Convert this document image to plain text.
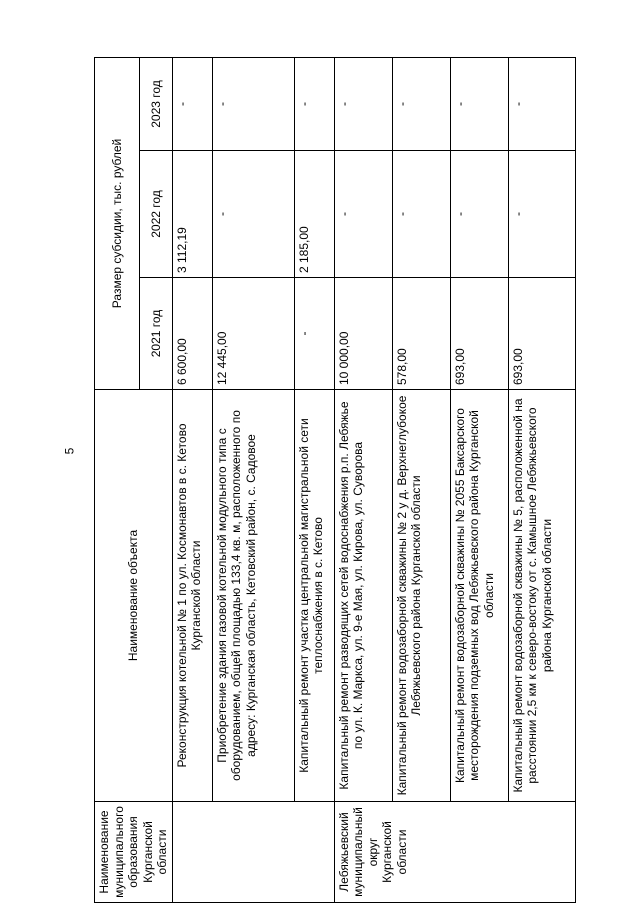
5
Наименование муниципального образования Курганской области	Наименование объекта	Размер субсидии, тыс. рублей		
		2021 год	2022 год	2023 год
	Реконструкция котельной № 1 по ул. Космонавтов в с. Кетово Курганской области	6 600,00	3 112,19	-
	Приобретение здания газовой котельной модульного типа с оборудованием, общей площадью 133,4 кв. м, расположенного по адресу: Курганская область, Кетовский район, с. Садовое	12 445,00	-	-
	Капитальный ремонт участка центральной магистральной сети теплоснабжения в с. Кетово	-	2 185,00	-
Лебяжьевский муниципальный округ Курганской области	Капитальный ремонт разводящих сетей водоснабжения р.п. Лебяжье по ул. К. Маркса, ул. 9-е Мая, ул. Кирова, ул. Суворова	10 000,00	-	-
	Капитальный ремонт водозаборной скважины № 2 у д. Верхнеглубокое Лебяжьевского района Курганской области	578,00	-	-
	Капитальный ремонт водозаборной скважины № 2055 Баксарского месторождения подземных вод Лебяжьевского района Курганской области	693,00	-	-
	Капитальный ремонт водозаборной скважины № 5, расположенной на расстоянии 2,5 км к северо-востоку от с. Камышное Лебяжьевского района Курганской области	693,00	-	-
